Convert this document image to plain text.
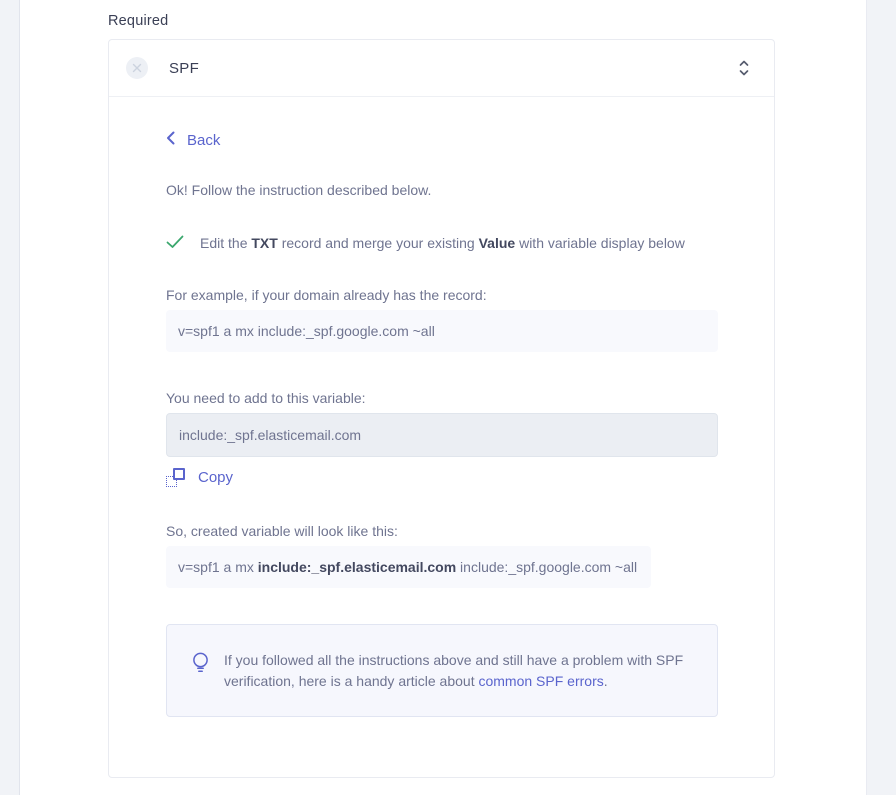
Required
SPF
Back

Ok! Follow the instruction described below.

Edit the TXT record and merge your existing Value with variable display below

For example, if your domain already has the record:
v=spf1 a mx include:_spf.google.com ~all
You need to add to this variable:
include:_spf.elasticemail.com
Copy
So, created variable will look like this:
v=spf1 a mx include:_spf.elasticemail.com include:_spf.google.com ~all

If you followed all the instructions above and still have a problem with SPF verification, here is a handy article about common SPF errors.
